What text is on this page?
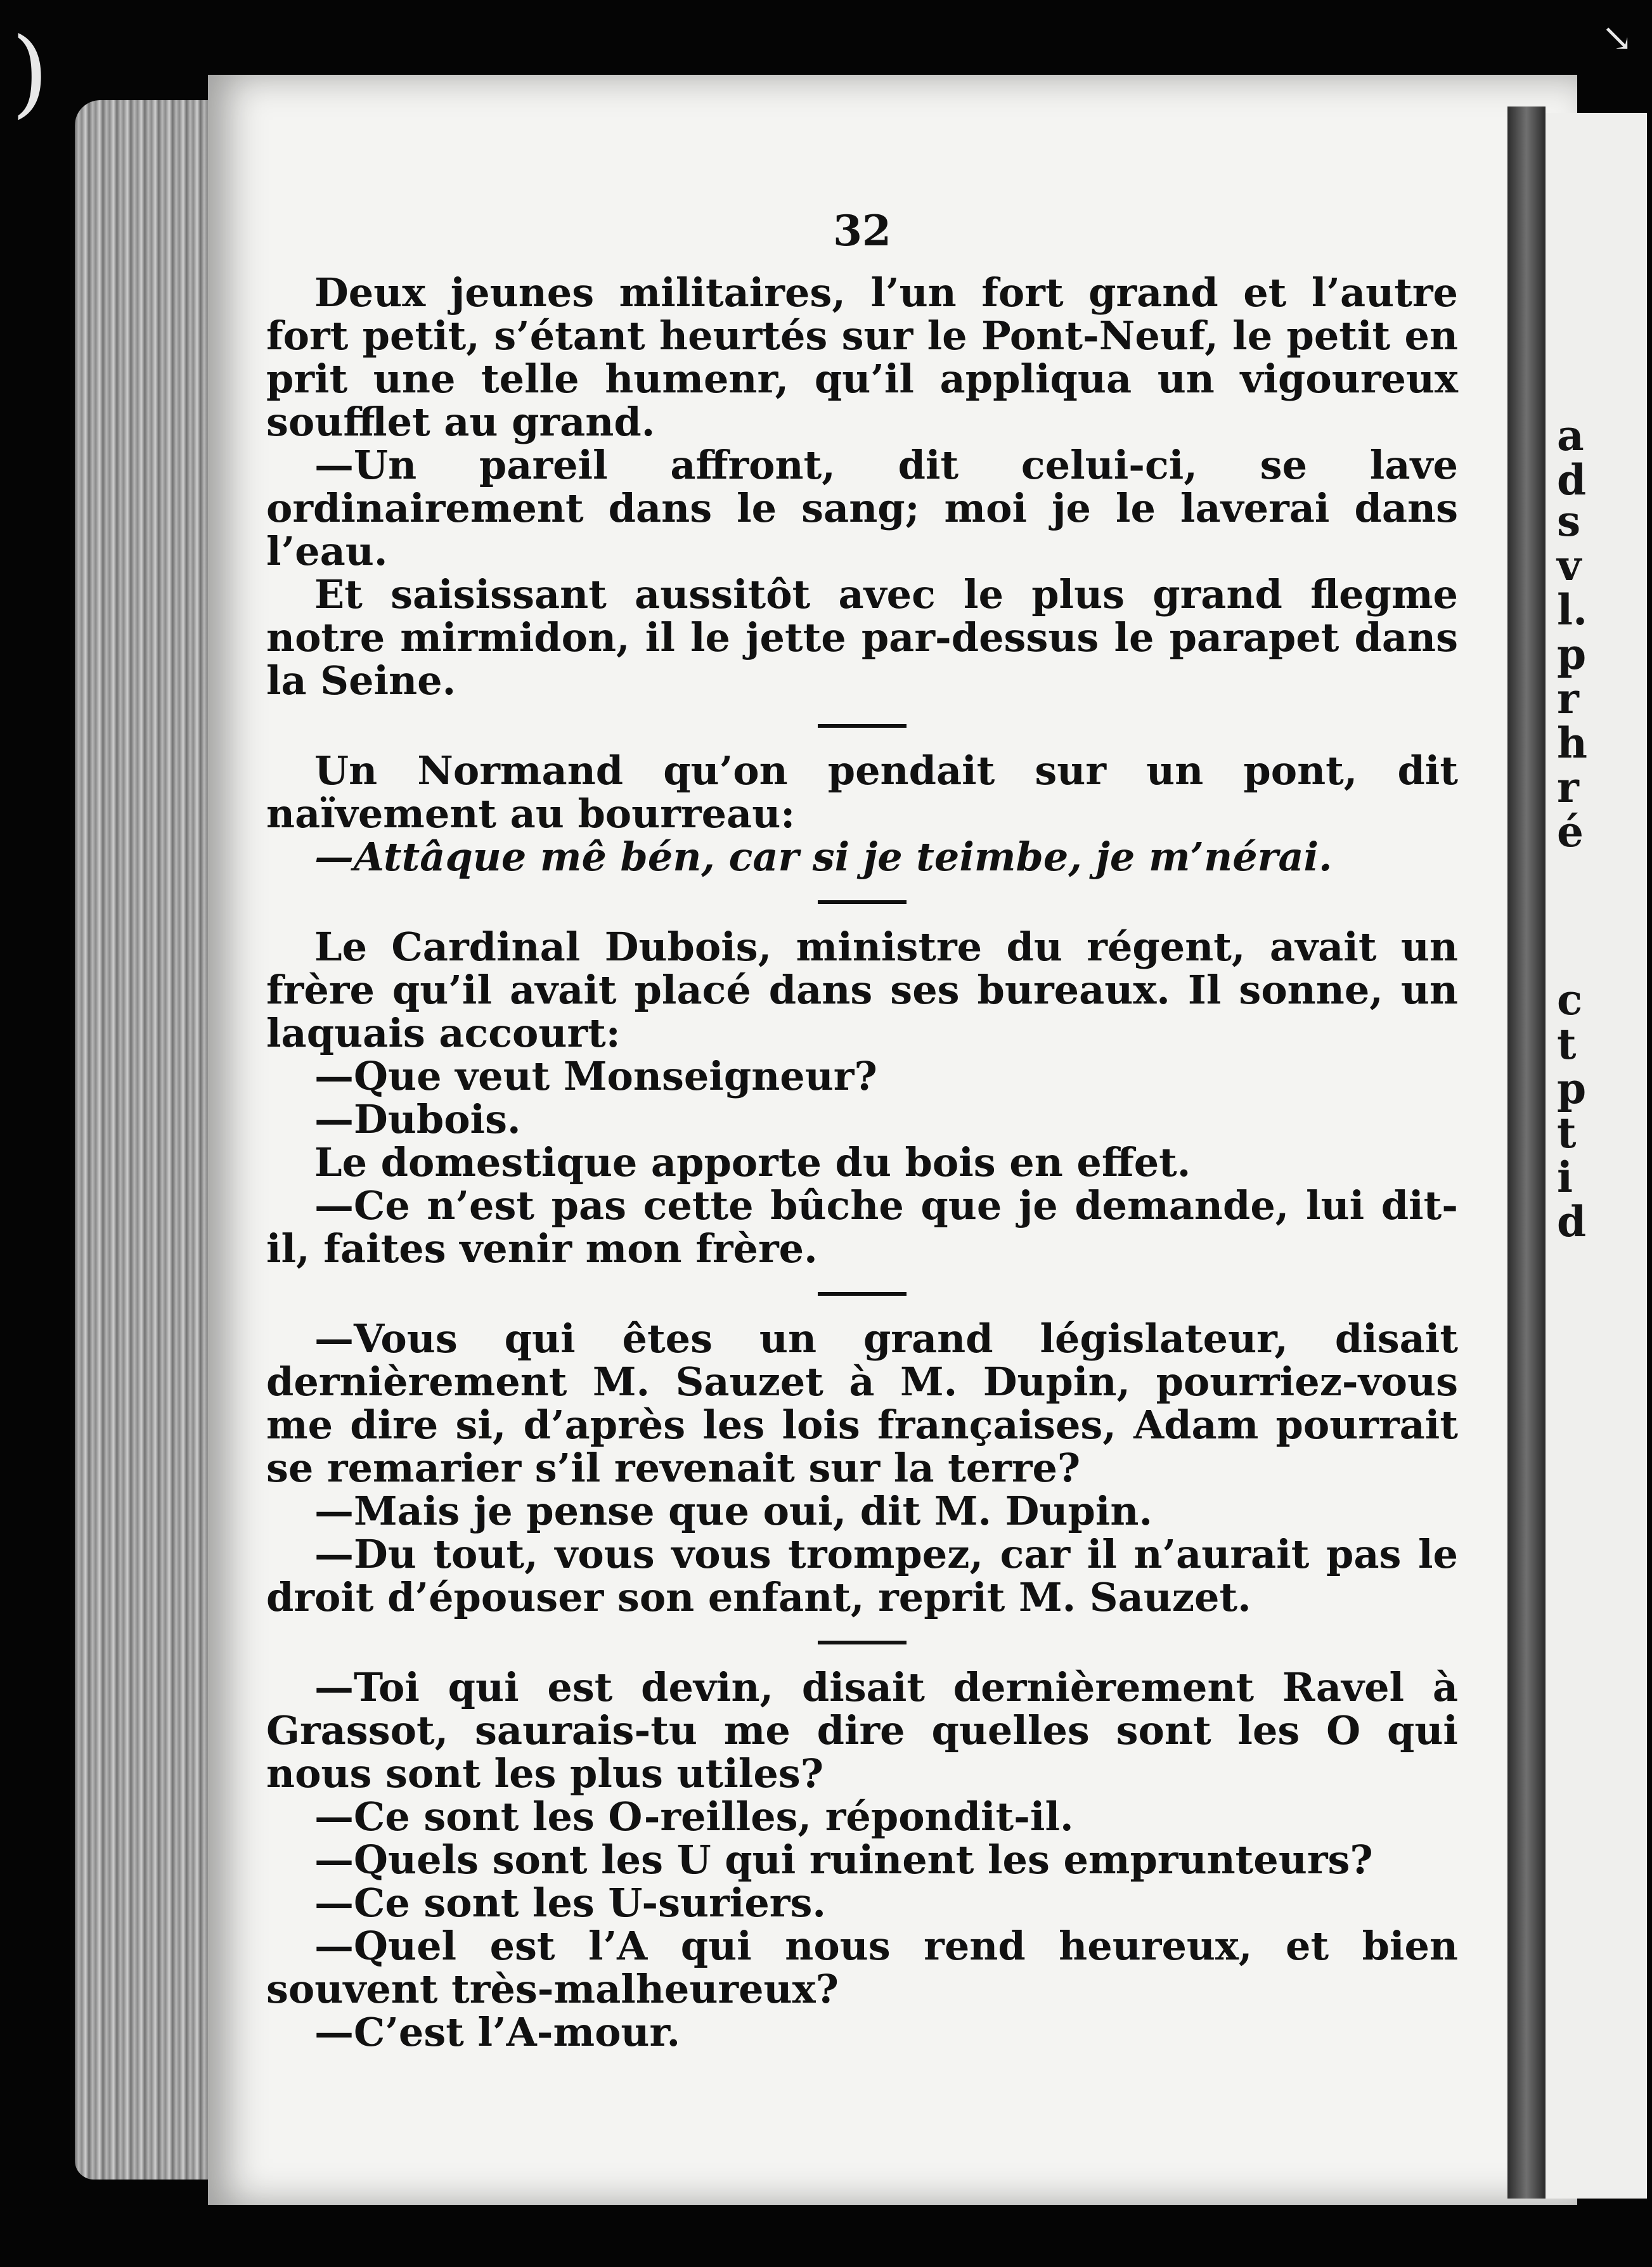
)	↘
a
d
s
v
l.
p
r
h
r
é
c
t
p
t
i
d
32

Deux jeunes militaires, l’un fort grand et l’autre fort petit, s’étant heurtés sur le Pont-Neuf, le petit en prit une telle humenr, qu’il appliqua un vigoureux soufflet au grand.

—Un pareil affront, dit celui-ci, se lave ordinairement dans le sang; moi je le laverai dans l’eau.

Et saisissant aussitôt avec le plus grand flegme notre mirmidon, il le jette par-dessus le parapet dans la Seine.

Un Normand qu’on pendait sur un pont, dit naïvement au bourreau:

—Attâque mê bén, car si je teimbe, je m’nérai.

Le Cardinal Dubois, ministre du régent, avait un frère qu’il avait placé dans ses bureaux. Il sonne, un laquais accourt:

—Que veut Monseigneur?

—Dubois.

Le domestique apporte du bois en effet.

—Ce n’est pas cette bûche que je demande, lui dit-il, faites venir mon frère.

—Vous qui êtes un grand législateur, disait dernièrement M. Sauzet à M. Dupin, pourriez-vous me dire si, d’après les lois françaises, Adam pourrait se remarier s’il revenait sur la terre?

—Mais je pense que oui, dit M. Dupin.

—Du tout, vous vous trompez, car il n’aurait pas le droit d’épouser son enfant, reprit M. Sauzet.

—Toi qui est devin, disait dernièrement Ravel à Grassot, saurais-tu me dire quelles sont les O qui nous sont les plus utiles?

—Ce sont les O-reilles, répondit-il.

—Quels sont les U qui ruinent les emprunteurs?

—Ce sont les U-suriers.

—Quel est l’A qui nous rend heureux, et bien souvent très-malheureux?

—C’est l’A-mour.
